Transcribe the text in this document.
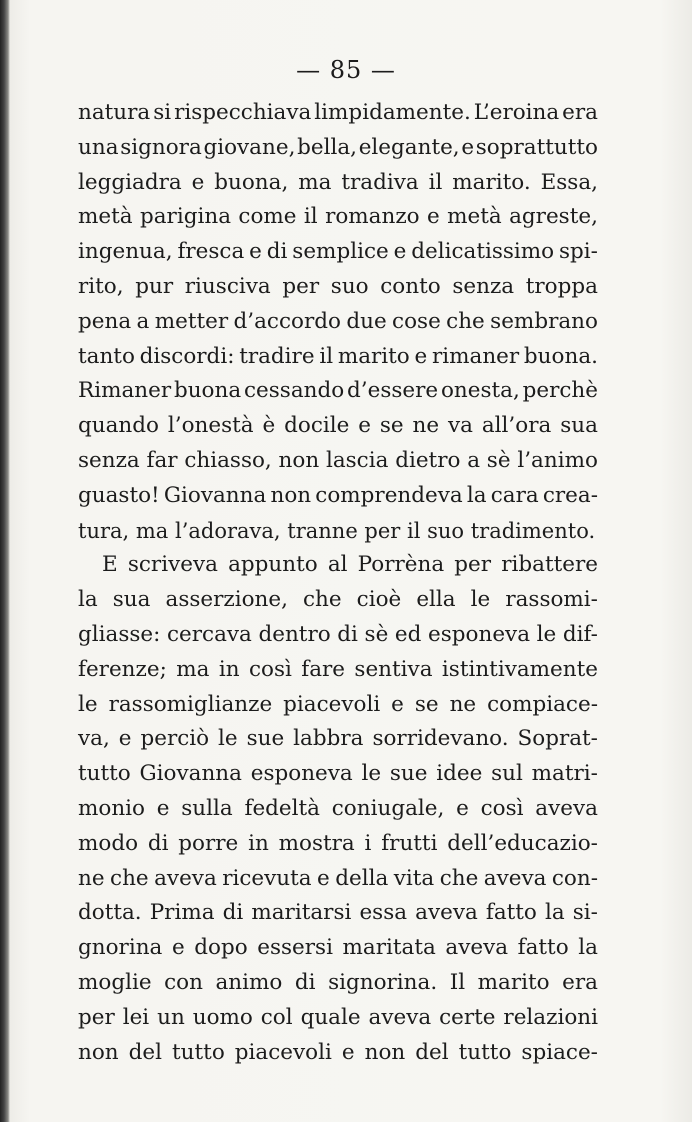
— 85 —
natura si rispecchiava limpidamente. L’eroina era
una signora giovane, bella, elegante, e soprattutto
leggiadra e buona, ma tradiva il marito. Essa,
metà parigina come il romanzo e metà agreste,
ingenua, fresca e di semplice e delicatissimo spi-
rito, pur riusciva per suo conto senza troppa
pena a metter d’accordo due cose che sembrano
tanto discordi: tradire il marito e rimaner buona.
Rimaner buona cessando d’essere onesta, perchè
quando l’onestà è docile e se ne va all’ora sua
senza far chiasso, non lascia dietro a sè l’animo
guasto! Giovanna non comprendeva la cara crea-
tura, ma l’adorava, tranne per il suo tradimento.
E scriveva appunto al Porrèna per ribattere
la sua asserzione, che cioè ella le rassomi-
gliasse: cercava dentro di sè ed esponeva le dif-
ferenze; ma in così fare sentiva istintivamente
le rassomiglianze piacevoli e se ne compiace-
va, e perciò le sue labbra sorridevano. Soprat-
tutto Giovanna esponeva le sue idee sul matri-
monio e sulla fedeltà coniugale, e così aveva
modo di porre in mostra i frutti dell’educazio-
ne che aveva ricevuta e della vita che aveva con-
dotta. Prima di maritarsi essa aveva fatto la si-
gnorina e dopo essersi maritata aveva fatto la
moglie con animo di signorina. Il marito era
per lei un uomo col quale aveva certe relazioni
non del tutto piacevoli e non del tutto spiace-
